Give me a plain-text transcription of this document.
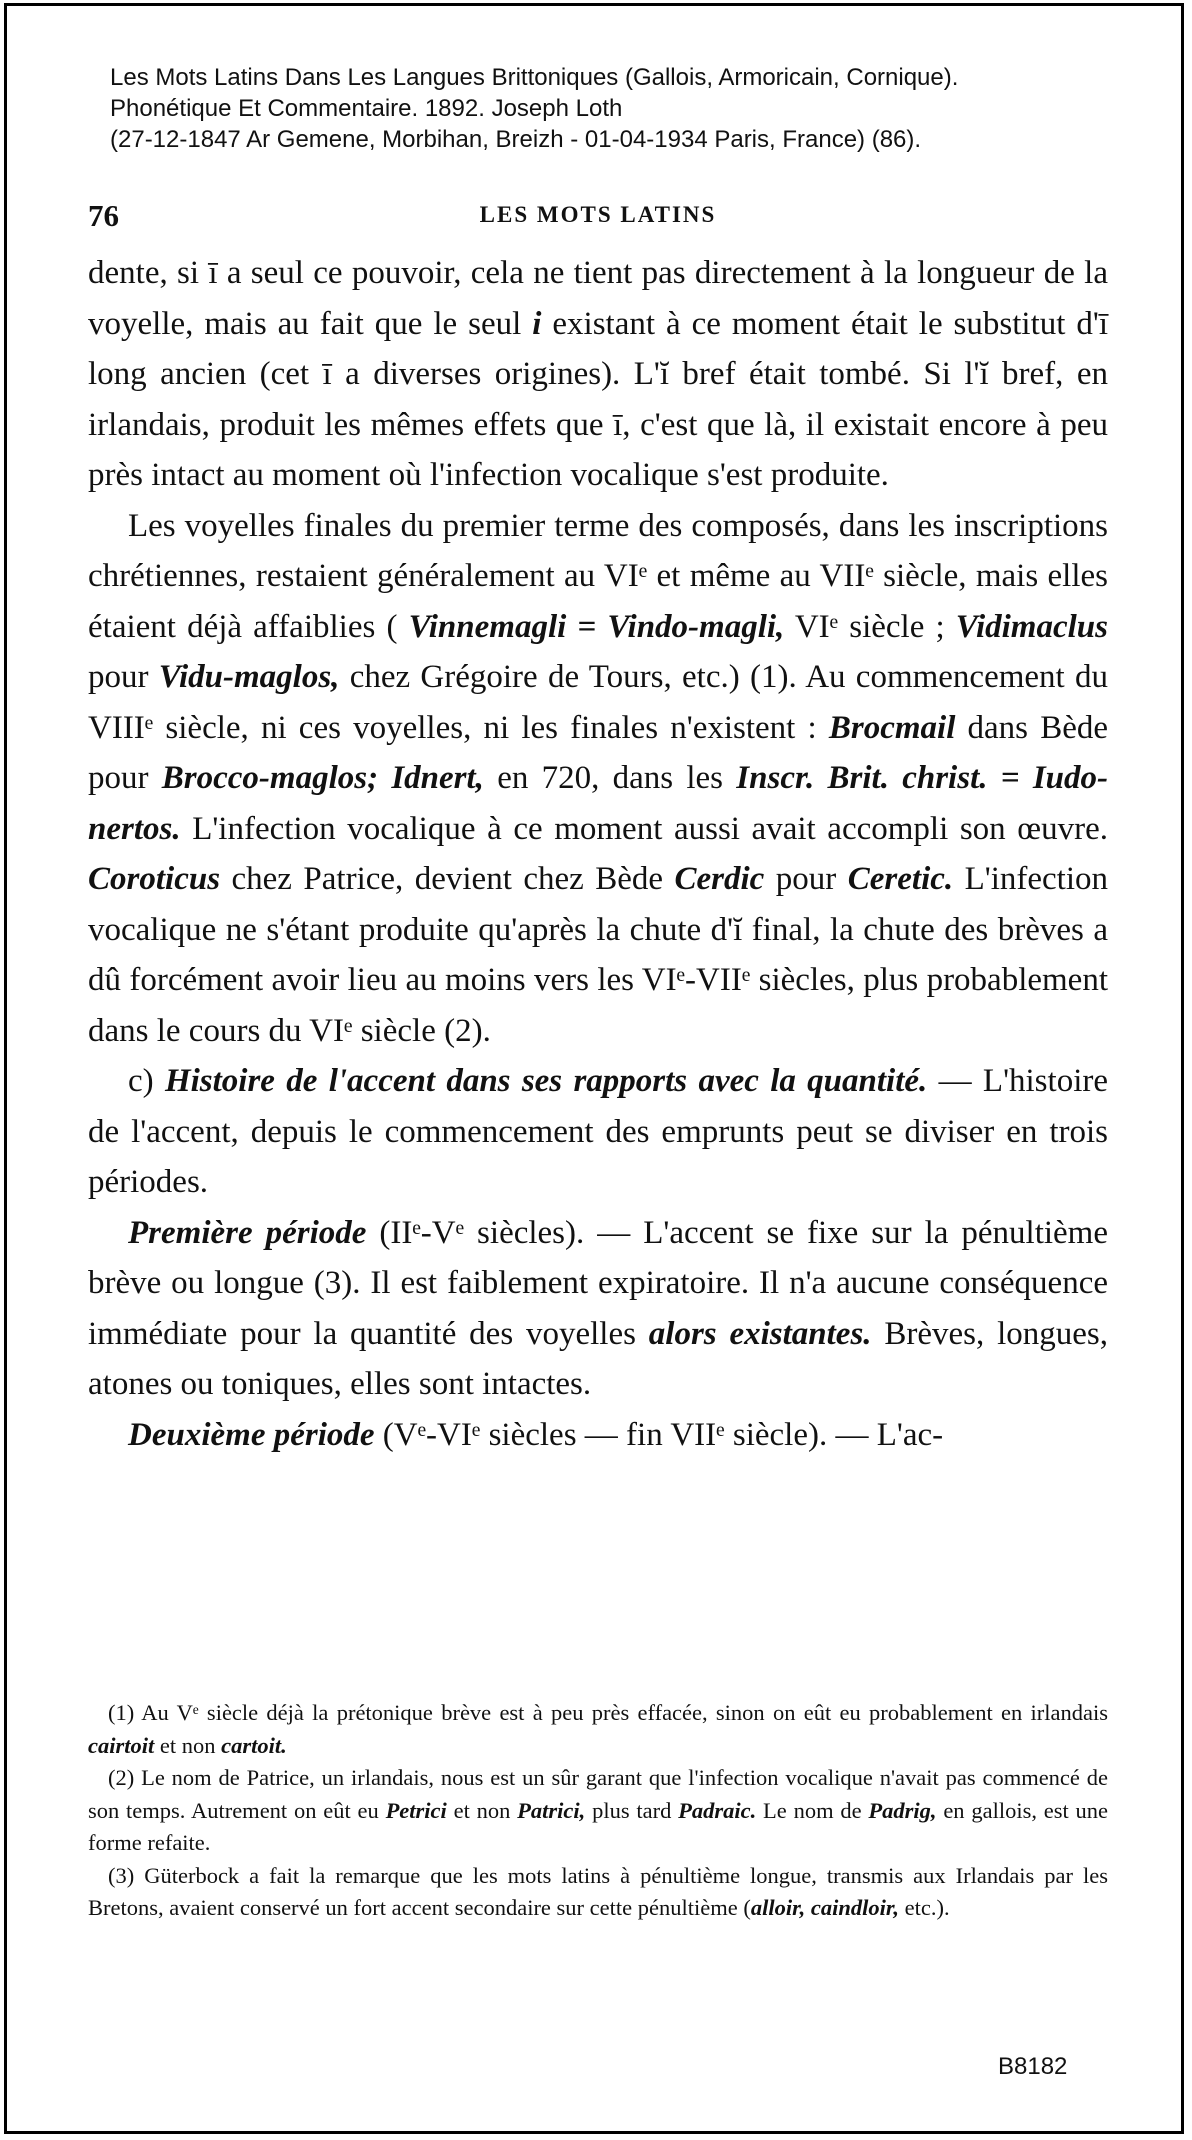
Les Mots Latins Dans Les Langues Brittoniques (Gallois, Armoricain, Cornique).
Phonétique Et Commentaire. 1892. Joseph Loth
(27-12-1847 Ar Gemene, Morbihan, Breizh - 01-04-1934 Paris, France) (86).
76	LES MOTS LATINS

dente, si ī a seul ce pouvoir, cela ne tient pas directement à la longueur de la voyelle, mais au fait que le seul i existant à ce moment était le substitut d'ī long ancien (cet ī a diverses origines). L'ĭ bref était tombé. Si l'ĭ bref, en irlandais, produit les mêmes effets que ī, c'est que là, il existait encore à peu près intact au moment où l'infection vocalique s'est produite.

Les voyelles finales du premier terme des composés, dans les inscriptions chrétiennes, restaient généralement au VIᵉ et même au VIIᵉ siècle, mais elles étaient déjà affaiblies ( Vinnemagli = Vindo-magli, VIᵉ siècle ; Vidimaclus pour Vidu-maglos, chez Grégoire de Tours, etc.) (1). Au commencement du VIIIᵉ siècle, ni ces voyelles, ni les finales n'existent : Brocmail dans Bède pour Brocco-maglos; Idnert, en 720, dans les Inscr. Brit. christ. = Iudo-nertos. L'infection vocalique à ce moment aussi avait accompli son œuvre. Coroticus chez Patrice, devient chez Bède Cerdic pour Ceretic. L'infection vocalique ne s'étant produite qu'après la chute d'ĭ final, la chute des brèves a dû forcément avoir lieu au moins vers les VIᵉ-VIIᵉ siècles, plus probablement dans le cours du VIᵉ siècle (2).

c) Histoire de l'accent dans ses rapports avec la quantité. — L'histoire de l'accent, depuis le commencement des emprunts peut se diviser en trois périodes.

Première période (IIᵉ-Vᵉ siècles). — L'accent se fixe sur la pénultième brève ou longue (3). Il est faiblement expiratoire. Il n'a aucune conséquence immédiate pour la quantité des voyelles alors existantes. Brèves, longues, atones ou toniques, elles sont intactes.

Deuxième période (Vᵉ-VIᵉ siècles — fin VIIᵉ siècle). — L'ac-

(1) Au Vᵉ siècle déjà la prétonique brève est à peu près effacée, sinon on eût eu probablement en irlandais cairtoit et non cartoit.

(2) Le nom de Patrice, un irlandais, nous est un sûr garant que l'infection vocalique n'avait pas commencé de son temps. Autrement on eût eu Petrici et non Patrici, plus tard Padraic. Le nom de Padrig, en gallois, est une forme refaite.

(3) Güterbock a fait la remarque que les mots latins à pénultième longue, transmis aux Irlandais par les Bretons, avaient conservé un fort accent secondaire sur cette pénultième (alloir, caindloir, etc.).

B8182
